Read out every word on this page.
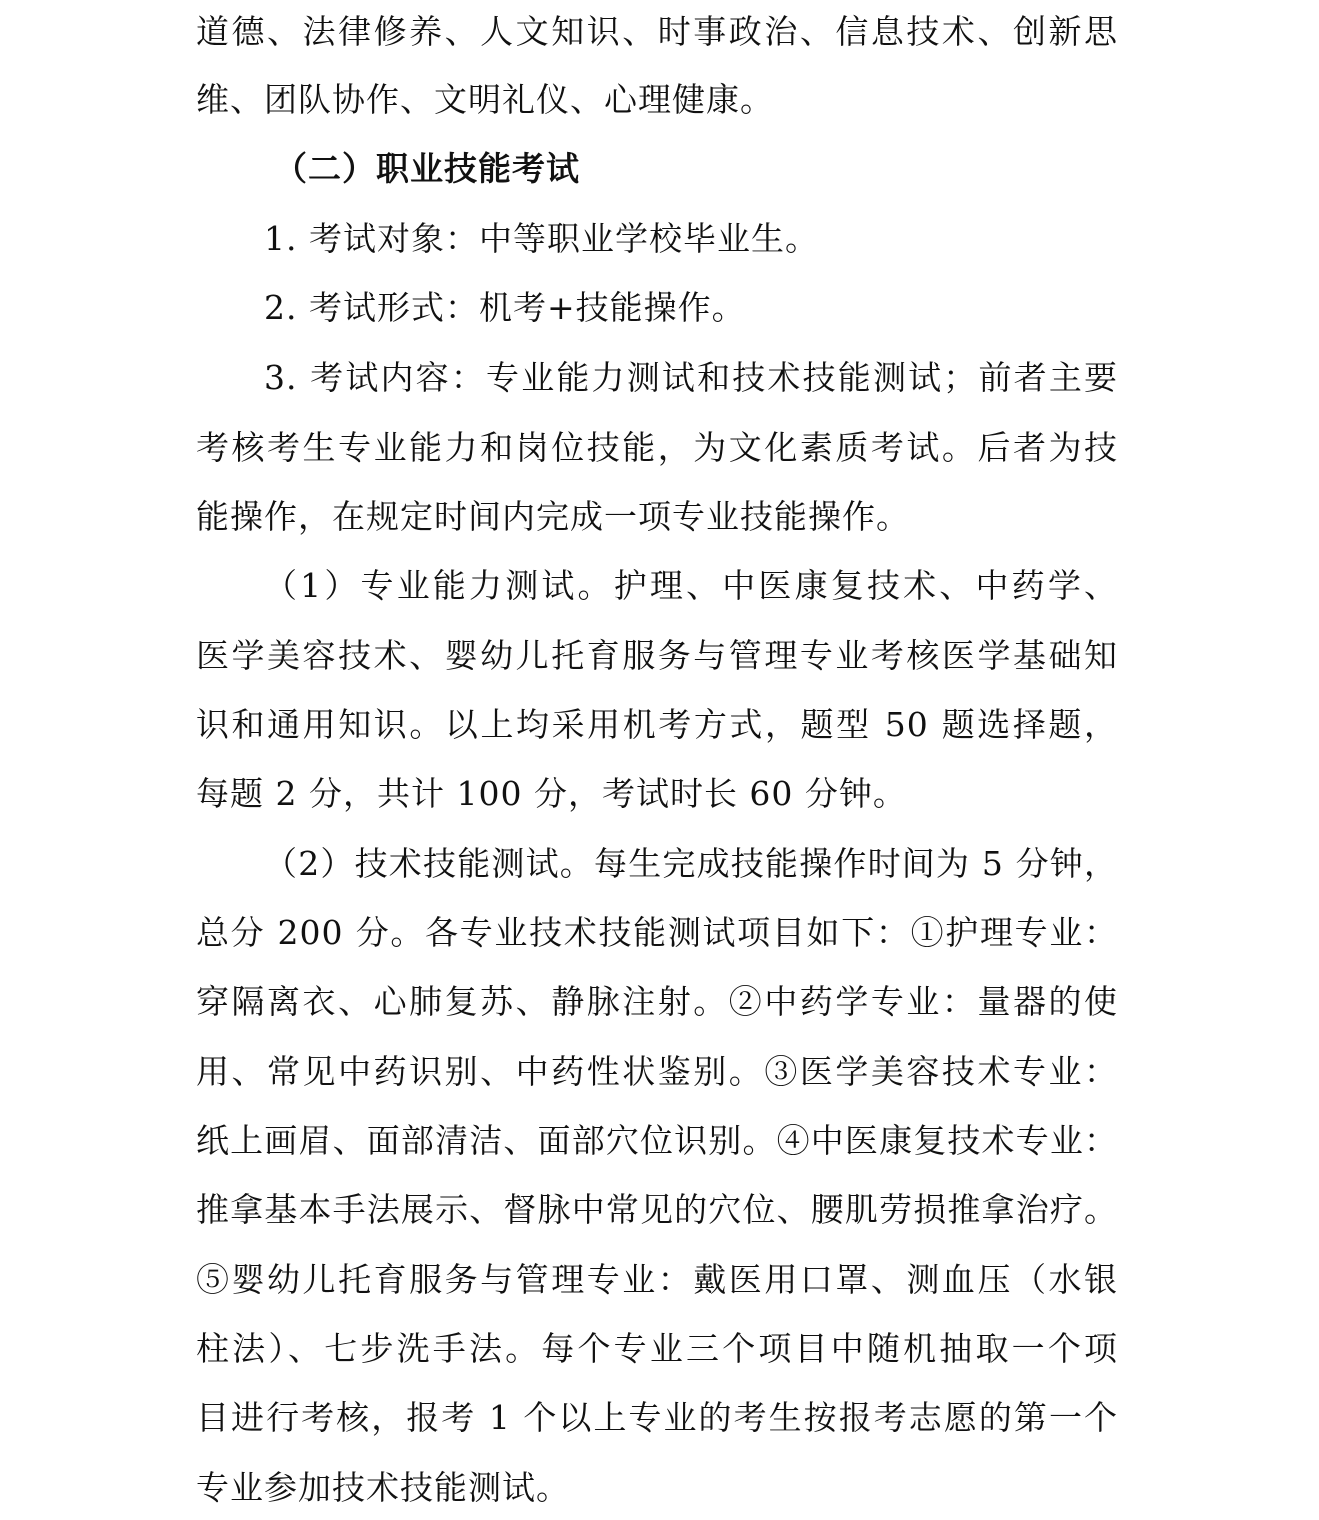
道德、法律修养、人文知识、时事政治、信息技术、创新思
维、团队协作、文明礼仪、心理健康。
（二）职业技能考试
1. 考试对象：中等职业学校毕业生。
2. 考试形式：机考+技能操作。
3. 考试内容：专业能力测试和技术技能测试；前者主要
考核考生专业能力和岗位技能，为文化素质考试。后者为技
能操作，在规定时间内完成一项专业技能操作。
（1）专业能力测试。护理、中医康复技术、中药学、
医学美容技术、婴幼儿托育服务与管理专业考核医学基础知
识和通用知识。以上均采用机考方式，题型 50 题选择题，
每题 2 分，共计 100 分，考试时长 60 分钟。
（2）技术技能测试。每生完成技能操作时间为 5 分钟，
总分 200 分。各专业技术技能测试项目如下：①护理专业：
穿隔离衣、心肺复苏、静脉注射。②中药学专业：量器的使
用、常见中药识别、中药性状鉴别。③医学美容技术专业：
纸上画眉、面部清洁、面部穴位识别。④中医康复技术专业：
推拿基本手法展示、督脉中常见的穴位、腰肌劳损推拿治疗。
⑤婴幼儿托育服务与管理专业：戴医用口罩、测血压（水银
柱法）、七步洗手法。每个专业三个项目中随机抽取一个项
目进行考核，报考 1 个以上专业的考生按报考志愿的第一个
专业参加技术技能测试。
